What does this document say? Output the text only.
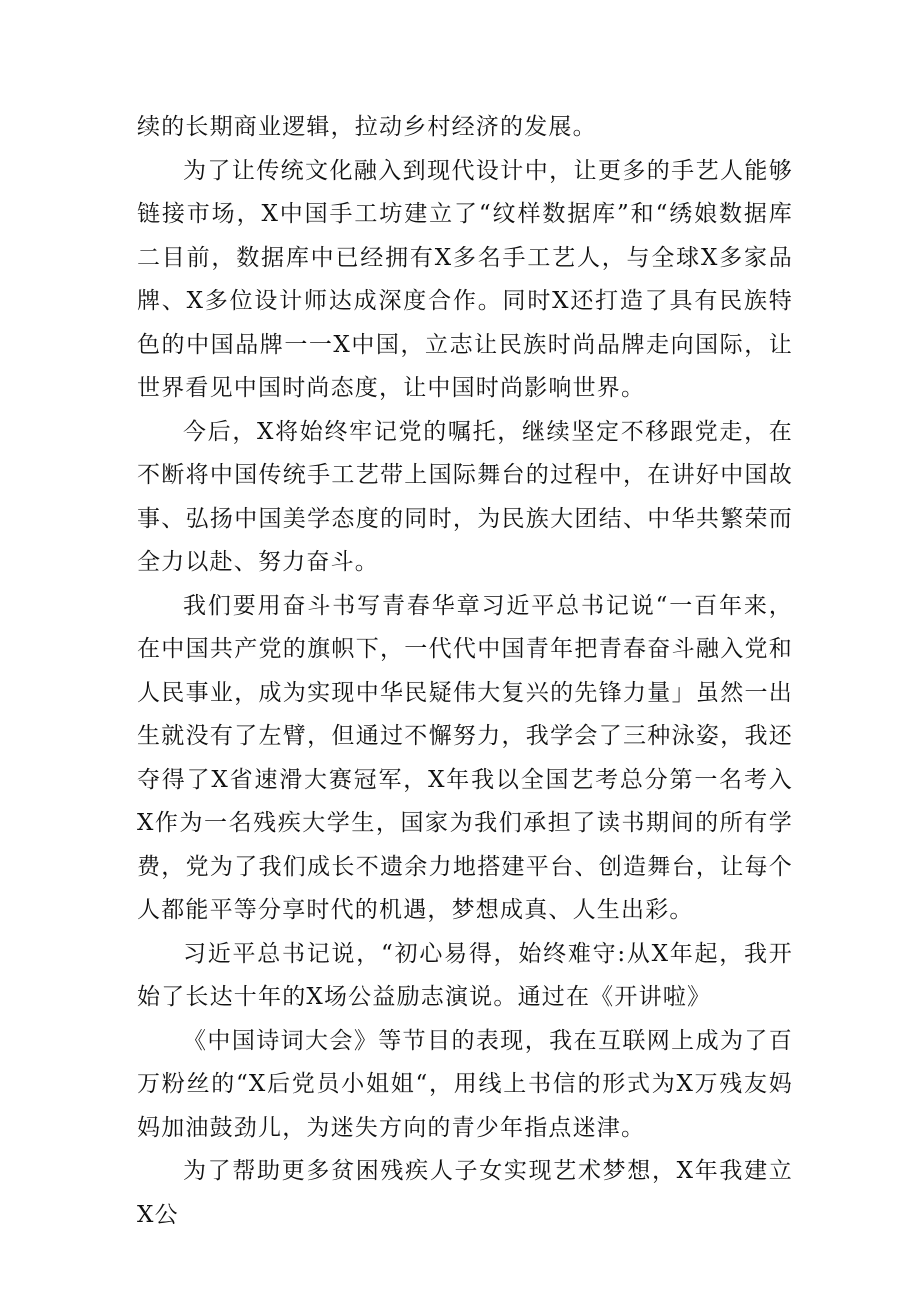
续的长期商业逻辑，拉动乡村经济的发展。

为了让传统文化融入到现代设计中，让更多的手艺人能够链接市场，X中国手工坊建立了“纹样数据库”和“绣娘数据库二目前，数据库中已经拥有X多名手工艺人，与全球X多家品牌、X多位设计师达成深度合作。同时X还打造了具有民族特色的中国品牌一一X中国，立志让民族时尚品牌走向国际，让世界看见中国时尚态度，让中国时尚影响世界。

今后，X将始终牢记党的嘱托，继续坚定不移跟党走，在不断将中国传统手工艺带上国际舞台的过程中，在讲好中国故事、弘扬中国美学态度的同时，为民族大团结、中华共繁荣而全力以赴、努力奋斗。

我们要用奋斗书写青春华章习近平总书记说“一百年来，在中国共产党的旗帜下，一代代中国青年把青春奋斗融入党和人民事业，成为实现中华民疑伟大复兴的先锋力量」虽然一出生就没有了左臂，但通过不懈努力，我学会了三种泳姿，我还夺得了X省速滑大赛冠军，X年我以全国艺考总分第一名考入X作为一名残疾大学生，国家为我们承担了读书期间的所有学费，党为了我们成长不遗余力地搭建平台、创造舞台，让每个人都能平等分享时代的机遇，梦想成真、人生出彩。

习近平总书记说，“初心易得，始终难守:从X年起，我开始了长达十年的X场公益励志演说。通过在《开讲啦》

《中国诗词大会》等节目的表现，我在互联网上成为了百万粉丝的“X后党员小姐姐“，用线上书信的形式为X万残友妈妈加油鼓劲儿，为迷失方向的青少年指点迷津。

为了帮助更多贫困残疾人子女实现艺术梦想，X年我建立X公
